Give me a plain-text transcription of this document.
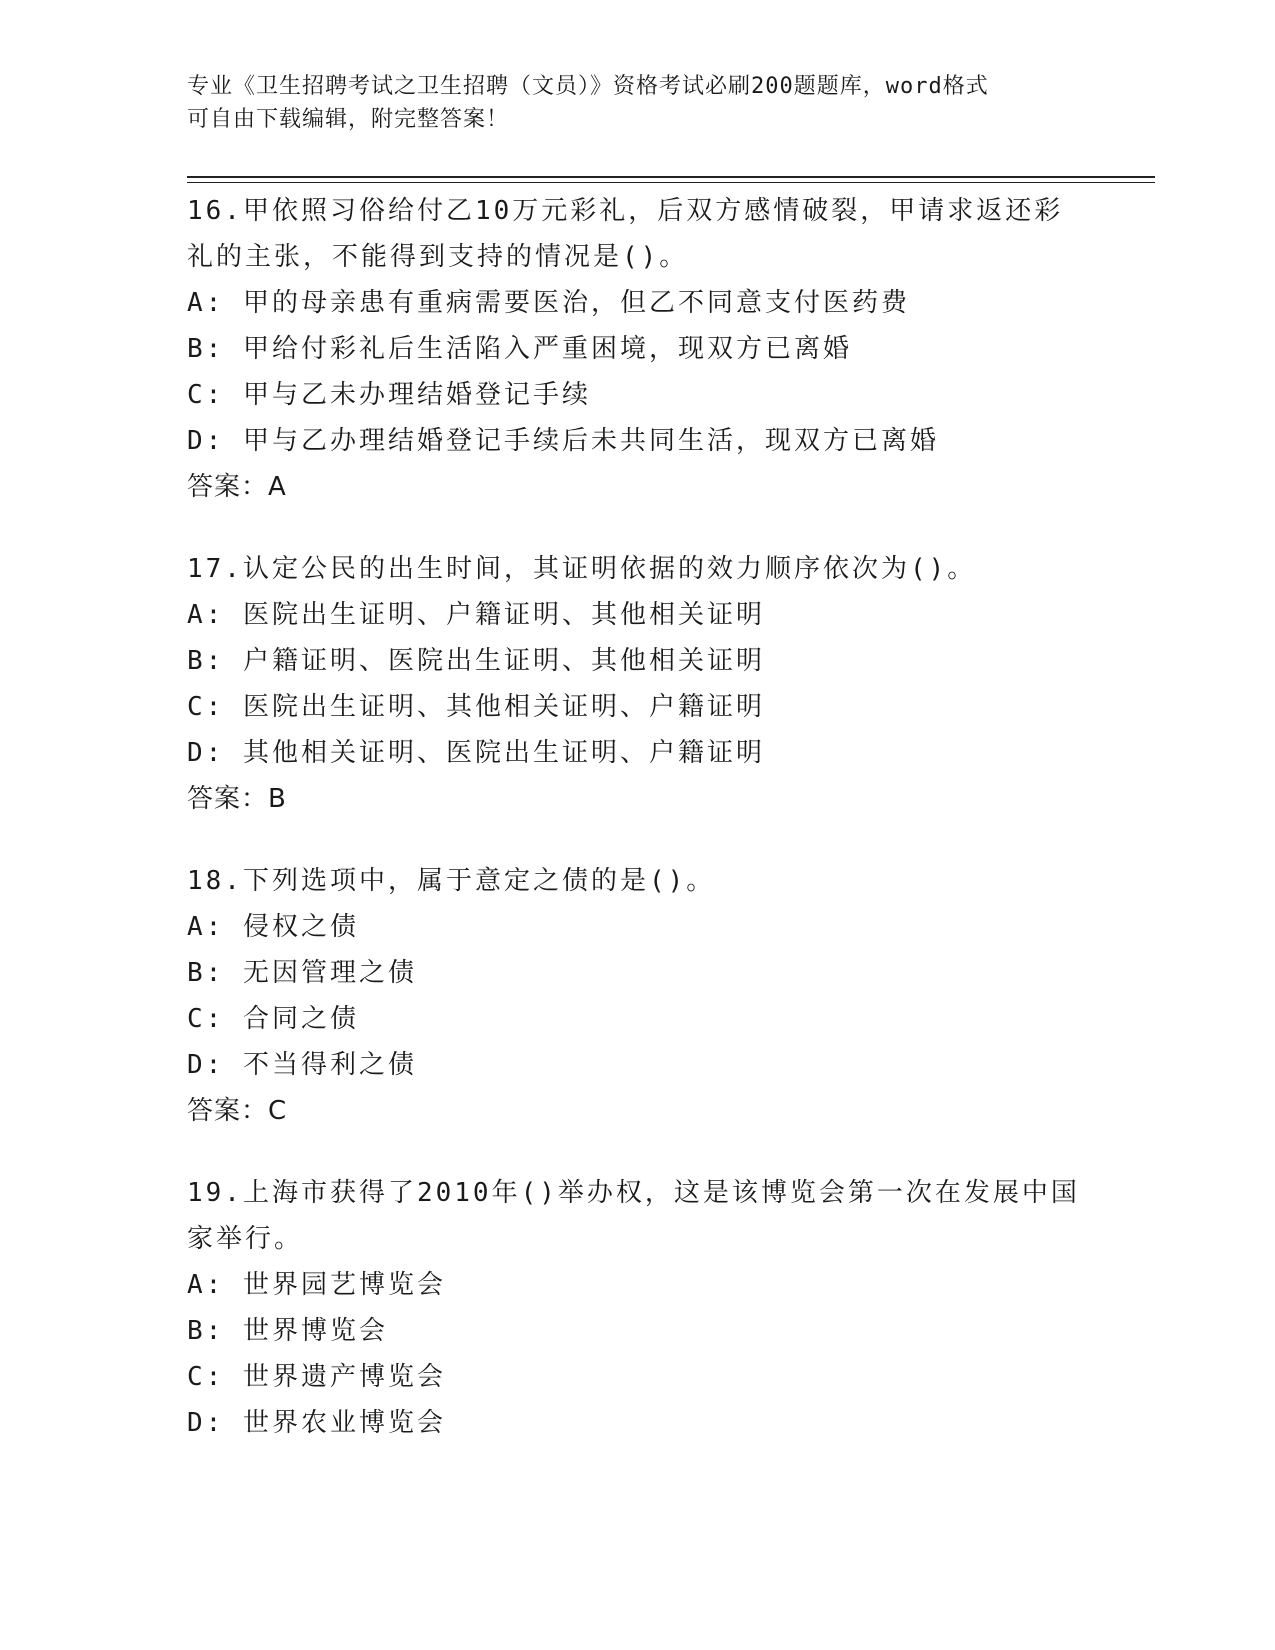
专业《卫生招聘考试之卫生招聘（文员）》资格考试必刷200题题库，word格式
可自由下载编辑，附完整答案！
16.甲依照习俗给付乙10万元彩礼，后双方感情破裂，甲请求返还彩
礼的主张，不能得到支持的情况是()。
A: 甲的母亲患有重病需要医治，但乙不同意支付医药费
B: 甲给付彩礼后生活陷入严重困境，现双方已离婚
C: 甲与乙未办理结婚登记手续
D: 甲与乙办理结婚登记手续后未共同生活，现双方已离婚
答案：A
17.认定公民的出生时间，其证明依据的效力顺序依次为()。
A: 医院出生证明、户籍证明、其他相关证明
B: 户籍证明、医院出生证明、其他相关证明
C: 医院出生证明、其他相关证明、户籍证明
D: 其他相关证明、医院出生证明、户籍证明
答案：B
18.下列选项中，属于意定之债的是()。
A: 侵权之债
B: 无因管理之债
C: 合同之债
D: 不当得利之债
答案：C
19.上海市获得了2010年()举办权，这是该博览会第一次在发展中国
家举行。
A: 世界园艺博览会
B: 世界博览会
C: 世界遗产博览会
D: 世界农业博览会
